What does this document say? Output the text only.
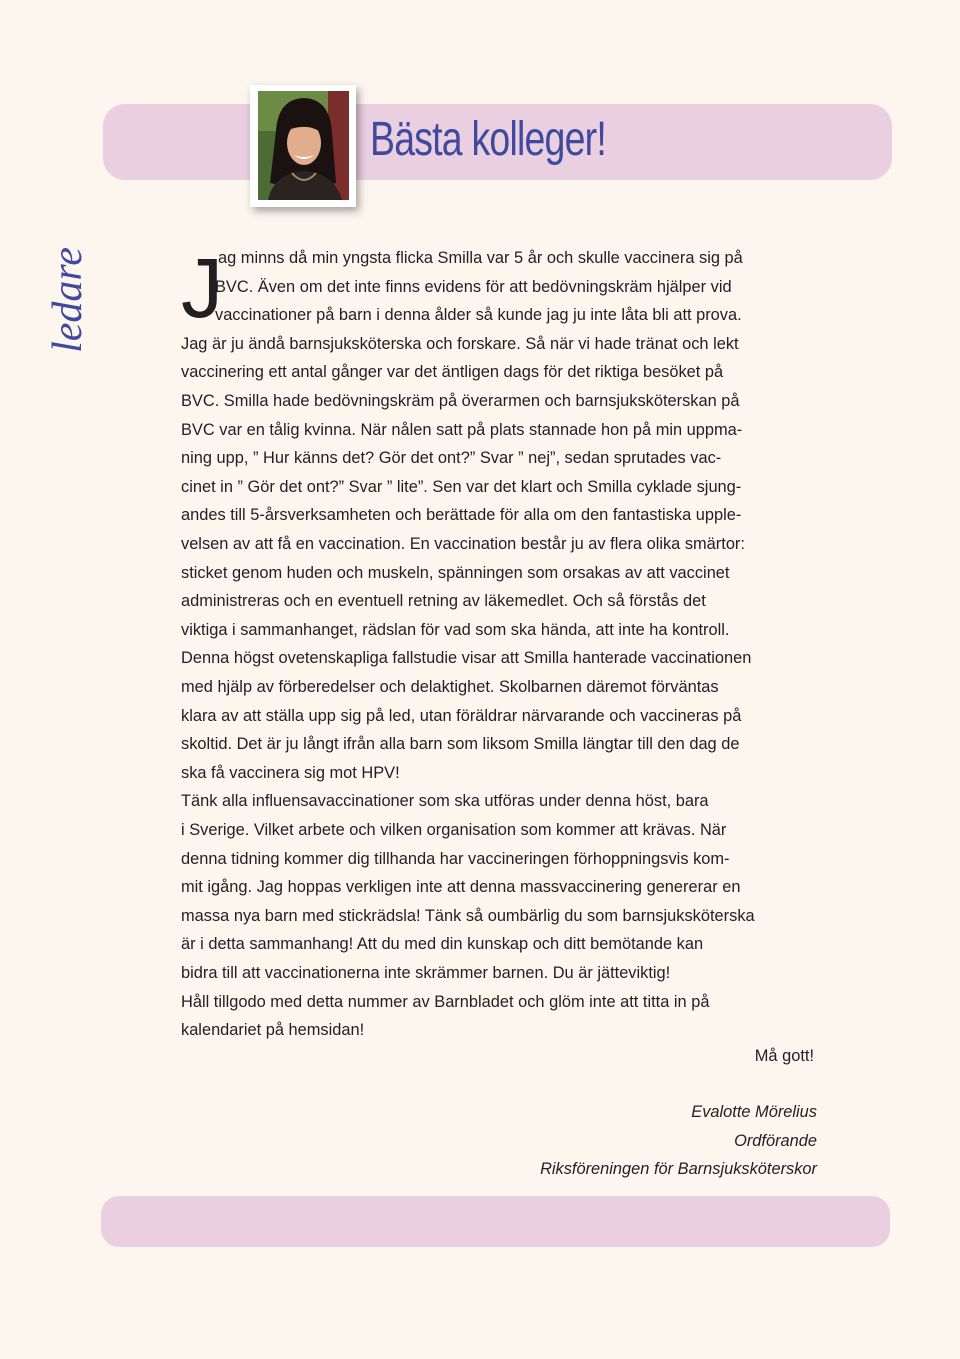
Bästa kolleger!
ledare J
ag minns då min yngsta flicka Smilla var 5 år och skulle vaccinera sig på
BVC. Även om det inte finns evidens för att bedövningskräm hjälper vid
vaccinationer på barn i denna ålder så kunde jag ju inte låta bli att prova.
Jag är ju ändå barnsjuksköterska och forskare. Så när vi hade tränat och lekt
vaccinering ett antal gånger var det äntligen dags för det riktiga besöket på
BVC. Smilla hade bedövningskräm på överarmen och barnsjuksköterskan på
BVC var en tålig kvinna. När nålen satt på plats stannade hon på min uppma-
ning upp, ” Hur känns det? Gör det ont?” Svar ” nej”, sedan sprutades vac-
cinet in ” Gör det ont?” Svar ” lite”. Sen var det klart och Smilla cyklade sjung-
andes till 5-årsverksamheten och berättade för alla om den fantastiska upple-
velsen av att få en vaccination. En vaccination består ju av flera olika smärtor:
sticket genom huden och muskeln, spänningen som orsakas av att vaccinet
administreras och en eventuell retning av läkemedlet. Och så förstås det
viktiga i sammanhanget, rädslan för vad som ska hända, att inte ha kontroll.
Denna högst ovetenskapliga fallstudie visar att Smilla hanterade vaccinationen
med hjälp av förberedelser och delaktighet. Skolbarnen däremot förväntas
klara av att ställa upp sig på led, utan föräldrar närvarande och vaccineras på
skoltid. Det är ju långt ifrån alla barn som liksom Smilla längtar till den dag de
ska få vaccinera sig mot HPV!
Tänk alla influensavaccinationer som ska utföras under denna höst, bara
i Sverige. Vilket arbete och vilken organisation som kommer att krävas. När
denna tidning kommer dig tillhanda har vaccineringen förhoppningsvis kom-
mit igång. Jag hoppas verkligen inte att denna massvaccinering genererar en
massa nya barn med stickrädsla! Tänk så oumbärlig du som barnsjuksköterska
är i detta sammanhang! Att du med din kunskap och ditt bemötande kan
bidra till att vaccinationerna inte skrämmer barnen. Du är jätteviktig!
Håll tillgodo med detta nummer av Barnbladet och glöm inte att titta in på
kalendariet på hemsidan!
Må gott!
Evalotte Mörelius
Ordförande
Riksföreningen för Barnsjuksköterskor
